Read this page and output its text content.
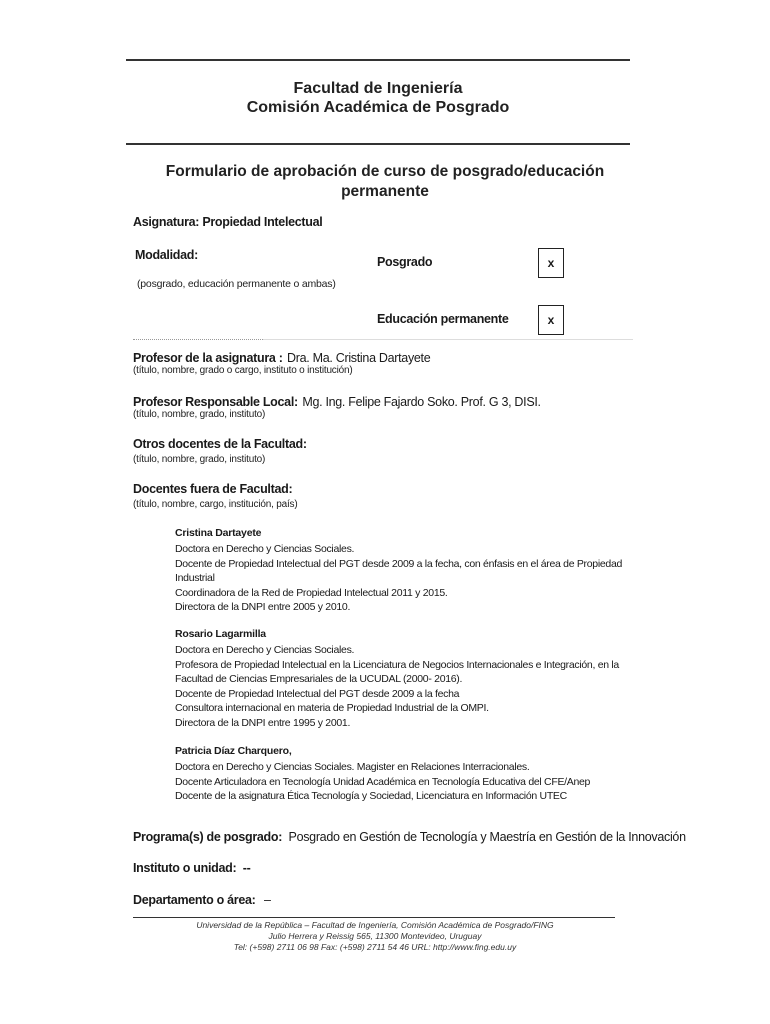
Facultad de Ingeniería
Comisión Académica de Posgrado
Formulario de aprobación de curso de posgrado/educación
permanente
Asignatura: Propiedad Intelectual
Modalidad:
(posgrado, educación permanente o ambas)
Posgrado	x
Educación permanente	x
Profesor de la asignatura : Dra. Ma. Cristina Dartayete
(título, nombre, grado o cargo, instituto o institución)
Profesor Responsable Local: Mg. Ing. Felipe Fajardo Soko. Prof. G 3, DISI.
(título, nombre, grado, instituto)
Otros docentes de la Facultad:
(título, nombre, grado, instituto)
Docentes fuera de Facultad:
(título, nombre, cargo, institución, país)
Cristina Dartayete
Doctora en Derecho y Ciencias Sociales.
Docente de Propiedad Intelectual del PGT desde 2009 a la fecha, con énfasis en el área de Propiedad
Industrial
Coordinadora de la Red de Propiedad Intelectual 2011 y 2015.
Directora de la DNPI entre 2005 y 2010.
Rosario Lagarmilla
Doctora en Derecho y Ciencias Sociales.
Profesora de Propiedad Intelectual en la Licenciatura de Negocios Internacionales e Integración, en la
Facultad de Ciencias Empresariales de la UCUDAL (2000- 2016).
Docente de Propiedad Intelectual del PGT desde 2009 a la fecha
Consultora internacional en materia de Propiedad Industrial de la OMPI.
Directora de la DNPI entre 1995 y 2001.
Patricia Díaz Charquero,
Doctora en Derecho y Ciencias Sociales. Magister en Relaciones Interracionales.
Docente Articuladora en Tecnología Unidad Académica en Tecnología Educativa del CFE/Anep
Docente de la asignatura Ética Tecnología y Sociedad, Licenciatura en Información UTEC
Programa(s) de posgrado: Posgrado en Gestión de Tecnología y Maestría en Gestión de la Innovación
Instituto o unidad: --
Departamento o área: –
Universidad de la República – Facultad de Ingeniería, Comisión Académica de Posgrado/FING
Julio Herrera y Reissig 565, 11300 Montevideo, Uruguay
Tel: (+598) 2711 06 98 Fax: (+598) 2711 54 46 URL: http://www.fing.edu.uy
